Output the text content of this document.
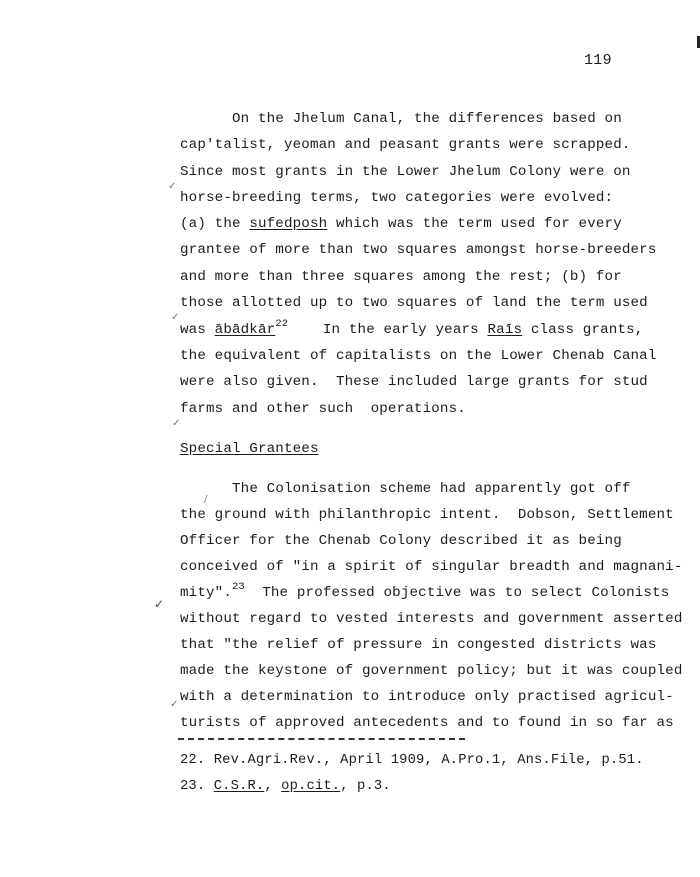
119
On the Jhelum Canal, the differences based on
cap'talist, yeoman and peasant grants were scrapped.
Since most grants in the Lower Jhelum Colony were on
horse-breeding terms, two categories were evolved:
(a) the sufedposh which was the term used for every
grantee of more than two squares amongst horse-breeders
and more than three squares among the rest; (b) for
those allotted up to two squares of land the term used
was ābādkār$^{22}$    In the early years Raīs class grants,
the equivalent of capitalists on the Lower Chenab Canal
were also given.  These included large grants for stud
farms and other such  operations.
Special Grantees
The Colonisation scheme had apparently got off
the ground with philanthropic intent.  Dobson, Settlement
Officer for the Chenab Colony described it as being
conceived of "in a spirit of singular breadth and magnani-
mity".$^{23}$  The professed objective was to select Colonists
without regard to vested interests and government asserted
that "the relief of pressure in congested districts was
made the keystone of government policy; but it was coupled
with a determination to introduce only practised agricul-
turists of approved antecedents and to found in so far as
22. Rev.Agri.Rev., April 1909, A.Pro.1, Ans.File, p.51.
23. C.S.R., op.cit., p.3.
✓
✓
✓
/
✓
✓
